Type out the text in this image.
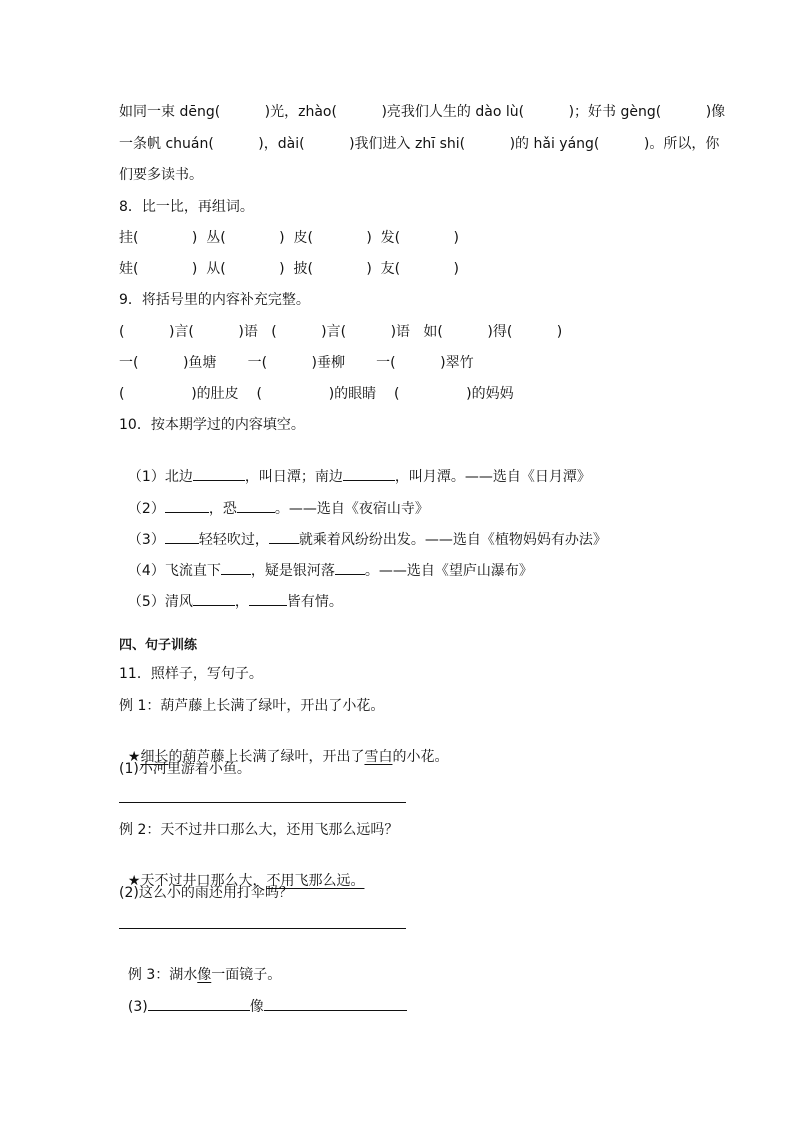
如同一束 dēng(          )光，zhào(          )亮我们人生的 dào lù(          )；好书 gèng(          )像
一条帆 chuán(          )，dài(          )我们进入 zhī shi(          )的 hǎi yáng(          )。所以，你
们要多读书。
8．比一比，再组词。
挂(            )  丛(            )  皮(            )  发(            )
娃(            )  从(            )  披(            )  友(            )
9．将括号里的内容补充完整。
(          )言(          )语   (          )言(          )语   如(          )得(          )
一(          )鱼塘       一(          )垂柳       一(          )翠竹
(               )的肚皮    (               )的眼睛    (               )的妈妈
10．按本期学过的内容填空。

（1）北边	，叫日潭；南边	，叫月潭。——选自《日月潭》

（2）	，恐	。——选自《夜宿山寺》

（3） 轻轻吹过， 就乘着风纷纷出发。——选自《植物妈妈有办法》

（4）飞流直下 ，疑是银河落 。——选自《望庐山瀑布》

（5）清风	，	皆有情。

四、句子训练
11．照样子，写句子。
例 1：葫芦藤上长满了绿叶，开出了小花。

★细长的葫芦藤上长满了绿叶，开出了雪白的小花。

(1)小河里游着小鱼。
例 2：天不过井口那么大，还用飞那么远吗？

★天不过井口那么大，不用飞那么远。

(2)这么小的雨还用打伞吗？

例 3：湖水像一面镜子。

(3)	像
